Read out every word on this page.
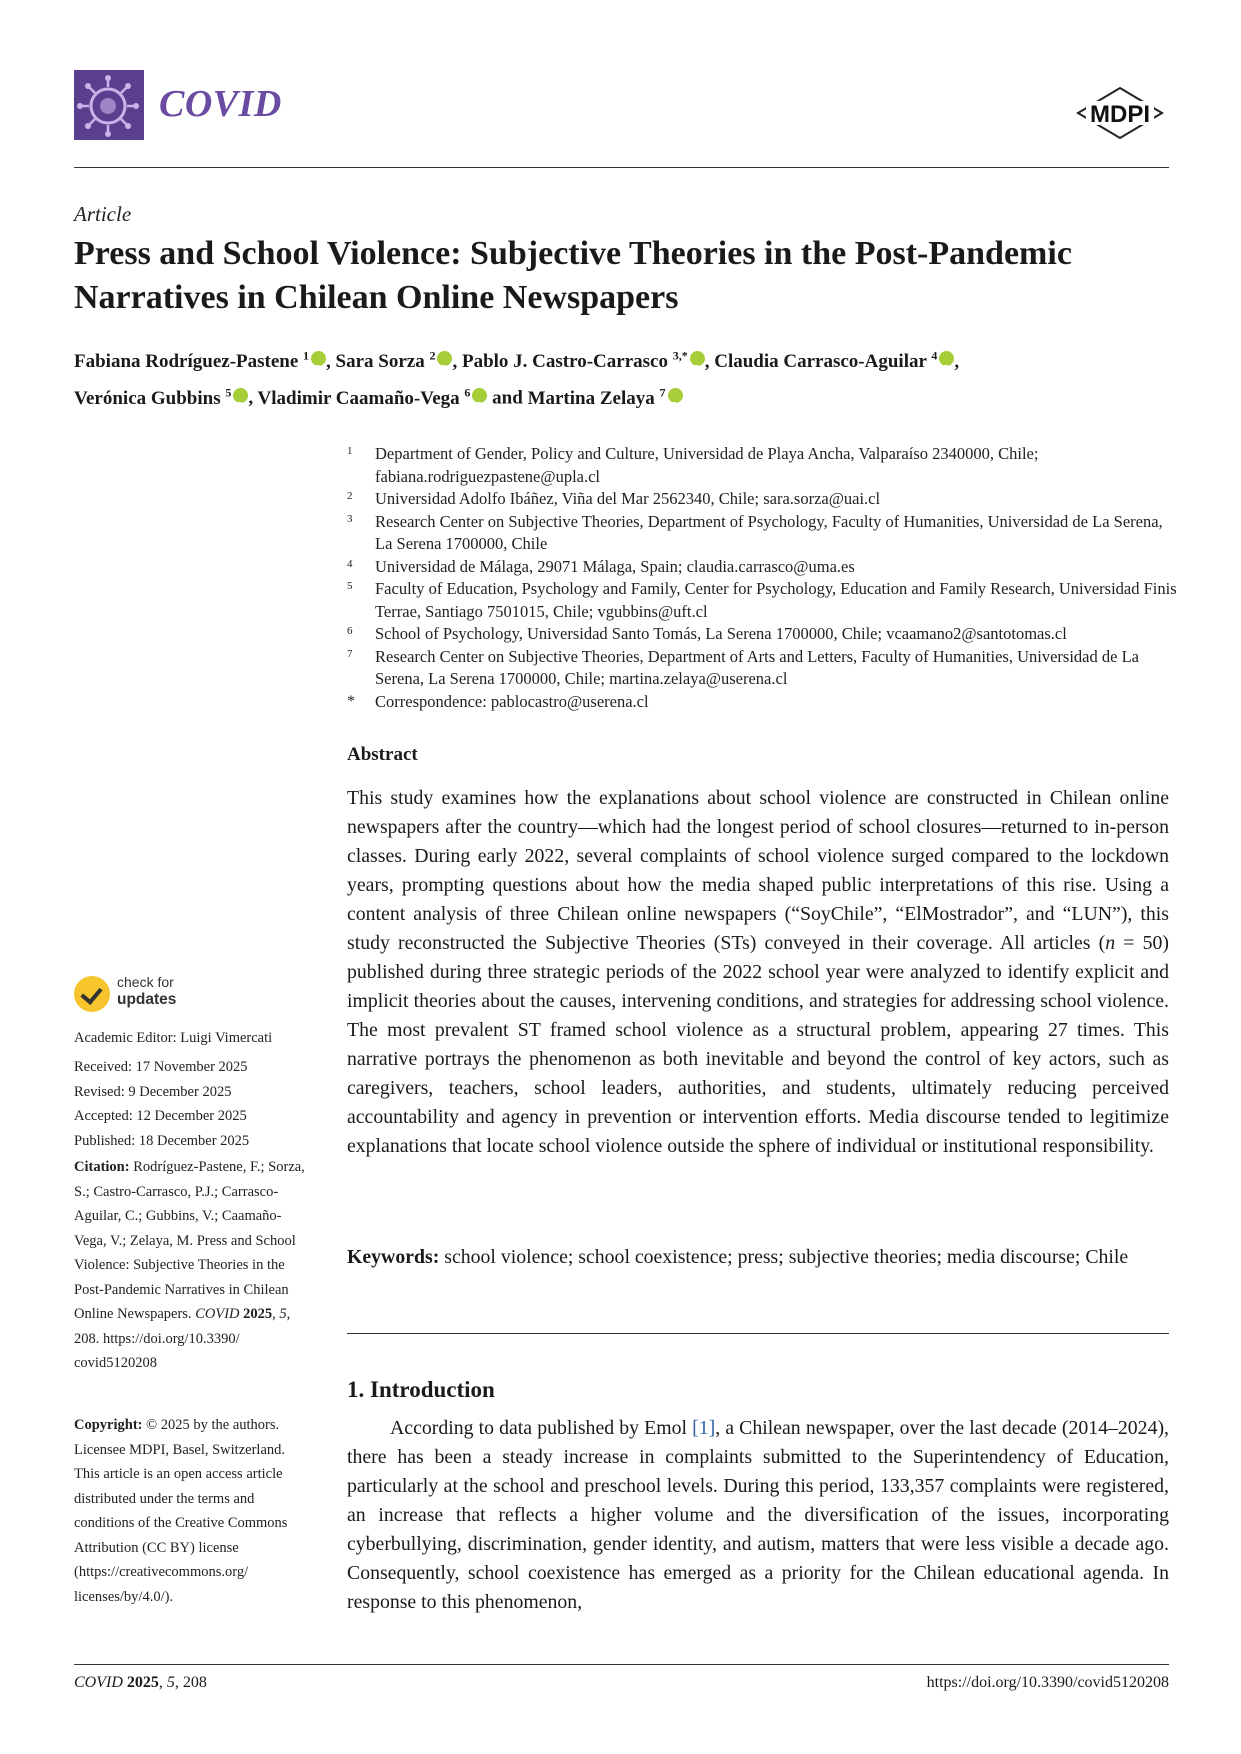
COVID	MDPI
Article
Press and School Violence: Subjective Theories in the Post-Pandemic Narratives in Chilean Online Newspapers
Fabiana Rodríguez-Pastene $^1$ iD , Sara Sorza $^2$ iD , Pablo J. Castro-Carrasco $^{3,*}$ iD , Claudia Carrasco-Aguilar $^4$ iD ,
Verónica Gubbins $^5$ iD , Vladimir Caamaño-Vega $^6$ iD and Martina Zelaya $^7$iD
1 Department of Gender, Policy and Culture, Universidad de Playa Ancha, Valparaíso 2340000, Chile; fabiana.rodriguezpastene@upla.cl
2 Universidad Adolfo Ibáñez, Viña del Mar 2562340, Chile; sara.sorza@uai.cl
3 Research Center on Subjective Theories, Department of Psychology, Faculty of Humanities, Universidad de La Serena, La Serena 1700000, Chile
4 Universidad de Málaga, 29071 Málaga, Spain; claudia.carrasco@uma.es
5 Faculty of Education, Psychology and Family, Center for Psychology, Education and Family Research, Universidad Finis Terrae, Santiago 7501015, Chile; vgubbins@uft.cl
6 School of Psychology, Universidad Santo Tomás, La Serena 1700000, Chile; vcaamano2@santotomas.cl
7 Research Center on Subjective Theories, Department of Arts and Letters, Faculty of Humanities, Universidad de La Serena, La Serena 1700000, Chile; martina.zelaya@userena.cl
* Correspondence: pablocastro@userena.cl
Abstract
This study examines how the explanations about school violence are constructed in Chilean online newspapers after the country—which had the longest period of school closures—returned to in-person classes. During early 2022, several complaints of school violence surged compared to the lockdown years, prompting questions about how the media shaped public interpretations of this rise. Using a content analysis of three Chilean online newspapers (“SoyChile”, “ElMostrador”, and “LUN”), this study reconstructed the Subjective Theories (STs) conveyed in their coverage. All articles (n = 50) published during three strategic periods of the 2022 school year were analyzed to identify explicit and implicit theories about the causes, intervening conditions, and strategies for addressing school violence. The most prevalent ST framed school violence as a structural problem, appearing 27 times. This narrative portrays the phenomenon as both inevitable and beyond the control of key actors, such as caregivers, teachers, school leaders, authorities, and students, ultimately reducing perceived accountability and agency in prevention or intervention efforts. Media discourse tended to legitimize explanations that locate school violence outside the sphere of individual or institutional responsibility.
Keywords: school violence; school coexistence; press; subjective theories; media discourse; Chile
1. Introduction
According to data published by Emol [1], a Chilean newspaper, over the last decade (2014–2024), there has been a steady increase in complaints submitted to the Superintendency of Education, particularly at the school and preschool levels. During this period, 133,357 complaints were registered, an increase that reflects a higher volume and the diversification of the issues, incorporating cyberbullying, discrimination, gender identity, and autism, matters that were less visible a decade ago. Consequently, school coexistence has emerged as a priority for the Chilean educational agenda. In response to this phenomenon,
check for
updates
Academic Editor: Luigi Vimercati
Received: 17 November 2025
Revised: 9 December 2025
Accepted: 12 December 2025
Published: 18 December 2025
Citation: Rodríguez-Pastene, F.; Sorza, S.; Castro-Carrasco, P.J.; Carrasco-Aguilar, C.; Gubbins, V.; Caamaño-Vega, V.; Zelaya, M. Press and School Violence: Subjective Theories in the Post-Pandemic Narratives in Chilean Online Newspapers. COVID 2025, 5, 208. https://doi.org/10.3390/ covid5120208
Copyright: © 2025 by the authors. Licensee MDPI, Basel, Switzerland. This article is an open access article distributed under the terms and conditions of the Creative Commons Attribution (CC BY) license (https://creativecommons.org/ licenses/by/4.0/).
COVID 2025, 5, 208	https://doi.org/10.3390/covid5120208
